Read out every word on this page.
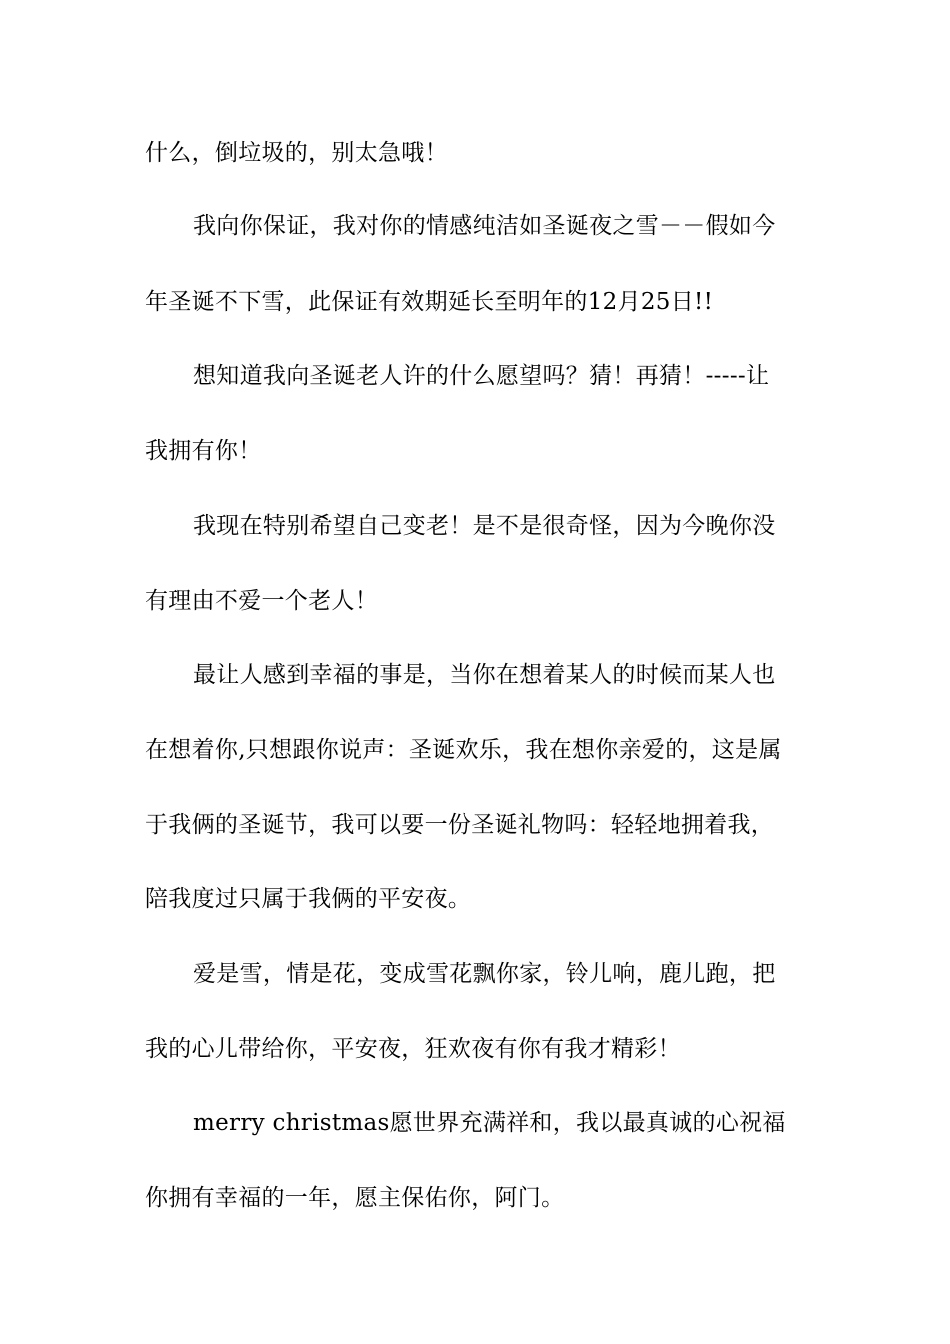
什么，倒垃圾的，别太急哦！
我向你保证，我对你的情感纯洁如圣诞夜之雪－－假如今
年圣诞不下雪，此保证有效期延长至明年的12月25日!!
想知道我向圣诞老人许的什么愿望吗？猜！再猜！-----让
我拥有你！
我现在特别希望自己变老！是不是很奇怪，因为今晚你没
有理由不爱一个老人！
最让人感到幸福的事是，当你在想着某人的时候而某人也
在想着你,只想跟你说声：圣诞欢乐，我在想你亲爱的，这是属
于我俩的圣诞节，我可以要一份圣诞礼物吗：轻轻地拥着我，
陪我度过只属于我俩的平安夜。
爱是雪，情是花，变成雪花飘你家，铃儿响，鹿儿跑，把
我的心儿带给你，平安夜，狂欢夜有你有我才精彩！
merry christmas愿世界充满祥和，我以最真诚的心祝福
你拥有幸福的一年，愿主保佑你，阿门。
